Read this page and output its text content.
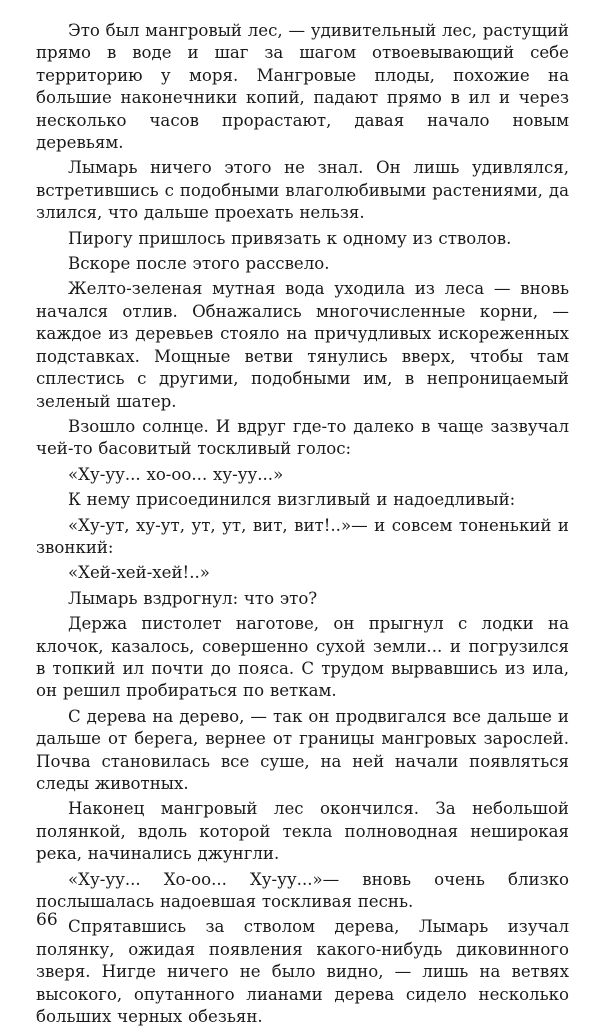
Это был мангровый лес, — удивительный лес, растущий прямо в воде и шаг за шагом отвоевывающий себе территорию у моря. Мангровые плоды, похожие на большие наконечники копий, падают прямо в ил и через несколько часов прорастают, давая начало новым деревьям.

Лымарь ничего этого не знал. Он лишь удивлялся, встретившись с подобными влаголюбивыми растениями, да злился, что дальше проехать нельзя.

Пирогу пришлось привязать к одному из стволов.

Вскоре после этого рассвело.

Желто-зеленая мутная вода уходила из леса — вновь начался отлив. Обнажались многочисленные корни, — каждое из деревьев стояло на причудливых искореженных подставках. Мощные ветви тянулись вверх, чтобы там сплестись с другими, подобными им, в непроницаемый зеленый шатер.

Взошло солнце. И вдруг где-то далеко в чаще зазвучал чей-то басовитый тоскливый голос:

«Ху-уу... хо-оо... ху-уу...»

К нему присоединился визгливый и надоедливый:

«Ху-ут, ху-ут, ут, ут, вит, вит!..»— и совсем тоненький и звонкий:

«Хей-хей-хей!..»

Лымарь вздрогнул: что это?

Держа пистолет наготове, он прыгнул с лодки на клочок, казалось, совершенно сухой земли... и погрузился в топкий ил почти до пояса. С трудом вырвавшись из ила, он решил пробираться по веткам.

С дерева на дерево, — так он продвигался все дальше и дальше от берега, вернее от границы мангровых зарослей. Почва становилась все суше, на ней начали появляться следы животных.

Наконец мангровый лес окончился. За небольшой полянкой, вдоль которой текла полноводная неширокая река, начинались джунгли.

«Ху-уу... Хо-оо... Ху-уу...»— вновь очень близко послышалась надоевшая тоскливая песнь.

Спрятавшись за стволом дерева, Лымарь изучал полянку, ожидая появления какого-нибудь диковинного зверя. Нигде ничего не было видно, — лишь на ветвях высокого, опутанного лианами дерева сидело несколько больших черных обезьян.

66
